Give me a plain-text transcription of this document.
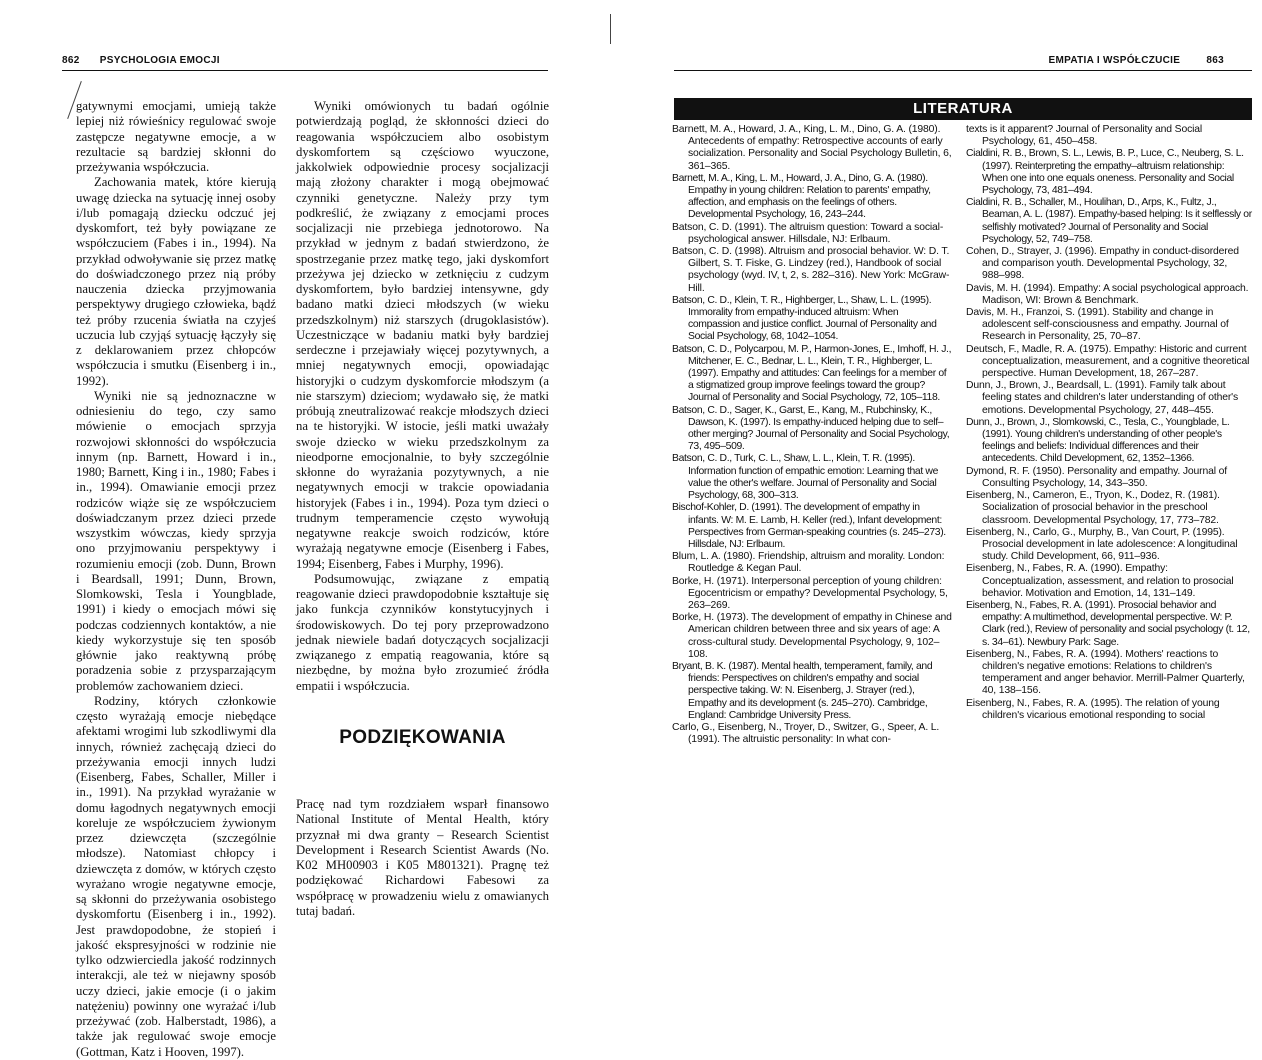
862 PSYCHOLOGIA EMOCJI

gatywnymi emocjami, umieją także lepiej niż rówieśnicy regulować swoje zastępcze negatywne emocje, a w rezultacie są bardziej skłonni do przeżywania współczucia.

Zachowania matek, które kierują uwagę dziecka na sytuację innej osoby i/lub pomagają dziecku odczuć jej dyskomfort, też były powiązane ze współczuciem (Fabes i in., 1994). Na przykład odwoływanie się przez matkę do doświadczonego przez nią próby nauczenia dziecka przyjmowania perspektywy drugiego człowieka, bądź też próby rzucenia światła na czyjeś uczucia lub czyjąś sytuację łączyły się z deklarowaniem przez chłopców współczucia i smutku (Eisenberg i in., 1992).

Wyniki nie są jednoznaczne w odniesieniu do tego, czy samo mówienie o emocjach sprzyja rozwojowi skłonności do współczucia innym (np. Barnett, Howard i in., 1980; Barnett, King i in., 1980; Fabes i in., 1994). Omawianie emocji przez rodziców wiąże się ze współczuciem doświadczanym przez dzieci przede wszystkim wówczas, kiedy sprzyja ono przyjmowaniu perspektywy i rozumieniu emocji (zob. Dunn, Brown i Beardsall, 1991; Dunn, Brown, Slomkowski, Tesla i Youngblade, 1991) i kiedy o emocjach mówi się podczas codziennych kontaktów, a nie kiedy wykorzystuje się ten sposób głównie jako reaktywną próbę poradzenia sobie z przysparzającym problemów zachowaniem dzieci.

Rodziny, których członkowie często wyrażają emocje niebędące afektami wrogimi lub szkodliwymi dla innych, również zachęcają dzieci do przeżywania emocji innych ludzi (Eisenberg, Fabes, Schaller, Miller i in., 1991). Na przykład wyrażanie w domu łagodnych negatywnych emocji koreluje ze współczuciem żywionym przez dziewczęta (szczególnie młodsze). Natomiast chłopcy i dziewczęta z domów, w których często wyrażano wrogie negatywne emocje, są skłonni do przeżywania osobistego dyskomfortu (Eisenberg i in., 1992). Jest prawdopodobne, że stopień i jakość ekspresyjności w rodzinie nie tylko odzwierciedla jakość rodzinnych interakcji, ale też w niejawny sposób uczy dzieci, jakie emocje (i o jakim natężeniu) powinny one wyrażać i/lub przeżywać (zob. Halberstadt, 1986), a także jak regulować swoje emocje (Gottman, Katz i Hooven, 1997).

Wyniki omówionych tu badań ogólnie potwierdzają pogląd, że skłonności dzieci do reagowania współczuciem albo osobistym dyskomfortem są częściowo wyuczone, jakkolwiek odpowiednie procesy socjalizacji mają złożony charakter i mogą obejmować czynniki genetyczne. Należy przy tym podkreślić, że związany z emocjami proces socjalizacji nie przebiega jednotorowo. Na przykład w jednym z badań stwierdzono, że spostrzeganie przez matkę tego, jaki dyskomfort przeżywa jej dziecko w zetknięciu z cudzym dyskomfortem, było bardziej intensywne, gdy badano matki dzieci młodszych (w wieku przedszkolnym) niż starszych (drugoklasistów). Uczestniczące w badaniu matki były bardziej serdeczne i przejawiały więcej pozytywnych, a mniej negatywnych emocji, opowiadając historyjki o cudzym dyskomforcie młodszym (a nie starszym) dzieciom; wydawało się, że matki próbują zneutralizować reakcje młodszych dzieci na te historyjki. W istocie, jeśli matki uważały swoje dziecko w wieku przedszkolnym za nieodporne emocjonalnie, to były szczególnie skłonne do wyrażania pozytywnych, a nie negatywnych emocji w trakcie opowiadania historyjek (Fabes i in., 1994). Poza tym dzieci o trudnym temperamencie często wywołują negatywne reakcje swoich rodziców, które wyrażają negatywne emocje (Eisenberg i Fabes, 1994; Eisenberg, Fabes i Murphy, 1996).

Podsumowując, związane z empatią reagowanie dzieci prawdopodobnie kształtuje się jako funkcja czynników konstytucyjnych i środowiskowych. Do tej pory przeprowadzono jednak niewiele badań dotyczących socjalizacji związanego z empatią reagowania, które są niezbędne, by można było zrozumieć źródła empatii i współczucia.

PODZIĘKOWANIA

Pracę nad tym rozdziałem wsparł finansowo National Institute of Mental Health, który przyznał mi dwa granty – Research Scientist Development i Research Scientist Awards (No. K02 MH00903 i K05 M801321). Pragnę też podziękować Richardowi Fabesowi za współpracę w prowadzeniu wielu z omawianych tutaj badań.

EMPATIA I WSPÓŁCZUCIE	863
LITERATURA

Barnett, M. A., Howard, J. A., King, L. M., Dino, G. A. (1980). Antecedents of empathy: Retrospective accounts of early socialization. Personality and Social Psychology Bulletin, 6, 361–365.

Barnett, M. A., King, L. M., Howard, J. A., Dino, G. A. (1980). Empathy in young children: Relation to parents' empathy, affection, and emphasis on the feelings of others. Developmental Psychology, 16, 243–244.

Batson, C. D. (1991). The altruism question: Toward a social-psychological answer. Hillsdale, NJ: Erlbaum.

Batson, C. D. (1998). Altruism and prosocial behavior. W: D. T. Gilbert, S. T. Fiske, G. Lindzey (red.), Handbook of social psychology (wyd. IV, t, 2, s. 282–316). New York: McGraw-Hill.

Batson, C. D., Klein, T. R., Highberger, L., Shaw, L. L. (1995). Immorality from empathy-induced altruism: When compassion and justice conflict. Journal of Personality and Social Psychology, 68, 1042–1054.

Batson, C. D., Polycarpou, M. P., Harmon-Jones, E., Imhoff, H. J., Mitchener, E. C., Bednar, L. L., Klein, T. R., Highberger, L. (1997). Empathy and attitudes: Can feelings for a member of a stigmatized group improve feelings toward the group? Journal of Personality and Social Psychology, 72, 105–118.

Batson, C. D., Sager, K., Garst, E., Kang, M., Rubchinsky, K., Dawson, K. (1997). Is empathy-induced helping due to self–other merging? Journal of Personality and Social Psychology, 73, 495–509.

Batson, C. D., Turk, C. L., Shaw, L. L., Klein, T. R. (1995). Information function of empathic emotion: Learning that we value the other's welfare. Journal of Personality and Social Psychology, 68, 300–313.

Bischof-Kohler, D. (1991). The development of empathy in infants. W: M. E. Lamb, H. Keller (red.), Infant development: Perspectives from German-speaking countries (s. 245–273). Hillsdale, NJ: Erlbaum.

Blum, L. A. (1980). Friendship, altruism and morality. London: Routledge & Kegan Paul.

Borke, H. (1971). Interpersonal perception of young children: Egocentricism or empathy? Developmental Psychology, 5, 263–269.

Borke, H. (1973). The development of empathy in Chinese and American children between three and six years of age: A cross-cultural study. Developmental Psychology, 9, 102–108.

Bryant, B. K. (1987). Mental health, temperament, family, and friends: Perspectives on children's empathy and social perspective taking. W: N. Eisenberg, J. Strayer (red.), Empathy and its development (s. 245–270). Cambridge, England: Cambridge University Press.

Carlo, G., Eisenberg, N., Troyer, D., Switzer, G., Speer, A. L. (1991). The altruistic personality: In what con-

texts is it apparent? Journal of Personality and Social Psychology, 61, 450–458.

Cialdini, R. B., Brown, S. L., Lewis, B. P., Luce, C., Neuberg, S. L. (1997). Reinterpreting the empathy–altruism relationship: When one into one equals oneness. Personality and Social Psychology, 73, 481–494.

Cialdini, R. B., Schaller, M., Houlihan, D., Arps, K., Fultz, J., Beaman, A. L. (1987). Empathy-based helping: Is it selflessly or selfishly motivated? Journal of Personality and Social Psychology, 52, 749–758.

Cohen, D., Strayer, J. (1996). Empathy in conduct-disordered and comparison youth. Developmental Psychology, 32, 988–998.

Davis, M. H. (1994). Empathy: A social psychological approach. Madison, WI: Brown & Benchmark.

Davis, M. H., Franzoi, S. (1991). Stability and change in adolescent self-consciousness and empathy. Journal of Research in Personality, 25, 70–87.

Deutsch, F., Madle, R. A. (1975). Empathy: Historic and current conceptualization, measurement, and a cognitive theoretical perspective. Human Development, 18, 267–287.

Dunn, J., Brown, J., Beardsall, L. (1991). Family talk about feeling states and children's later understanding of other's emotions. Developmental Psychology, 27, 448–455.

Dunn, J., Brown, J., Slomkowski, C., Tesla, C., Youngblade, L. (1991). Young children's understanding of other people's feelings and beliefs: Individual differences and their antecedents. Child Development, 62, 1352–1366.

Dymond, R. F. (1950). Personality and empathy. Journal of Consulting Psychology, 14, 343–350.

Eisenberg, N., Cameron, E., Tryon, K., Dodez, R. (1981). Socialization of prosocial behavior in the preschool classroom. Developmental Psychology, 17, 773–782.

Eisenberg, N., Carlo, G., Murphy, B., Van Court, P. (1995). Prosocial development in late adolescence: A longitudinal study. Child Development, 66, 911–936.

Eisenberg, N., Fabes, R. A. (1990). Empathy: Conceptualization, assessment, and relation to prosocial behavior. Motivation and Emotion, 14, 131–149.

Eisenberg, N., Fabes, R. A. (1991). Prosocial behavior and empathy: A multimethod, developmental perspective. W: P. Clark (red.), Review of personality and social psychology (t. 12, s. 34–61). Newbury Park: Sage.

Eisenberg, N., Fabes, R. A. (1994). Mothers' reactions to children's negative emotions: Relations to children's temperament and anger behavior. Merrill-Palmer Quarterly, 40, 138–156.

Eisenberg, N., Fabes, R. A. (1995). The relation of young children's vicarious emotional responding to social
